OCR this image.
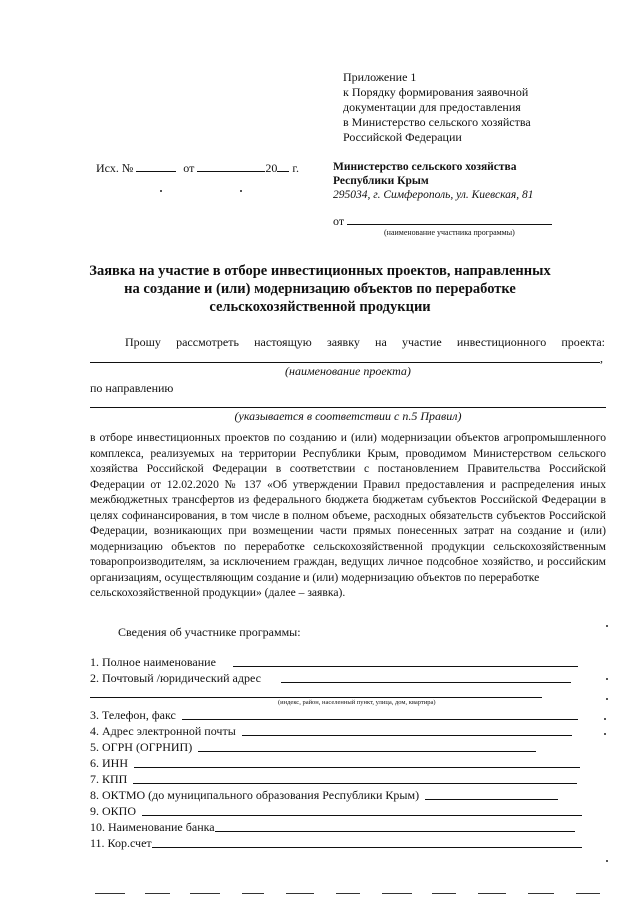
Приложение 1
к Порядку формирования заявочной
документации для предоставления
в Министерство сельского хозяйства
Российской Федерации
Исх. №	от	20 г.	Министерство сельского хозяйства
Республики Крым
295034, г. Симферополь, ул. Киевская, 81
от
(наименование участника программы)
Заявка на участие в отборе инвестиционных проектов, направленных на создание и (или) модернизацию объектов по переработке сельскохозяйственной продукции
Прошу рассмотреть настоящую заявку на участие инвестиционного проекта:
,
(наименование проекта)
по направлению
(указывается в соответствии с п.5 Правил)

в отборе инвестиционных проектов по созданию и (или) модернизации объектов агропромышленного комплекса, реализуемых на территории Республики Крым, проводимом Министерством сельского хозяйства Российской Федерации в соответствии с постановлением Правительства Российской Федерации от 12.02.2020 № 137 «Об утверждении Правил предоставления и распределения иных межбюджетных трансфертов из федерального бюджета бюджетам субъектов Российской Федерации в целях софинансирования, в том числе в полном объеме, расходных обязательств субъектов Российской Федерации, возникающих при возмещении части прямых понесенных затрат на создание и (или) модернизацию объектов по переработке сельскохозяйственной продукции сельскохозяйственным товаропроизводителям, за исключением граждан, ведущих личное подсобное хозяйство, и российским организациям, осуществляющим создание и (или) модернизацию объектов по переработке

сельскохозяйственной продукции» (далее – заявка).

Сведения об участнике программы:
1. Полное наименование
2. Почтовый /юридический адрес
(индекс, район, населенный пункт, улица, дом, квартира)
3. Телефон, факс
4. Адрес электронной почты
5. ОГРН (ОГРНИП)
6. ИНН
7. КПП
8. ОКТМО (до муниципального образования Республики Крым)
9. ОКПО
10. Наименование банка
11. Кор.счет
